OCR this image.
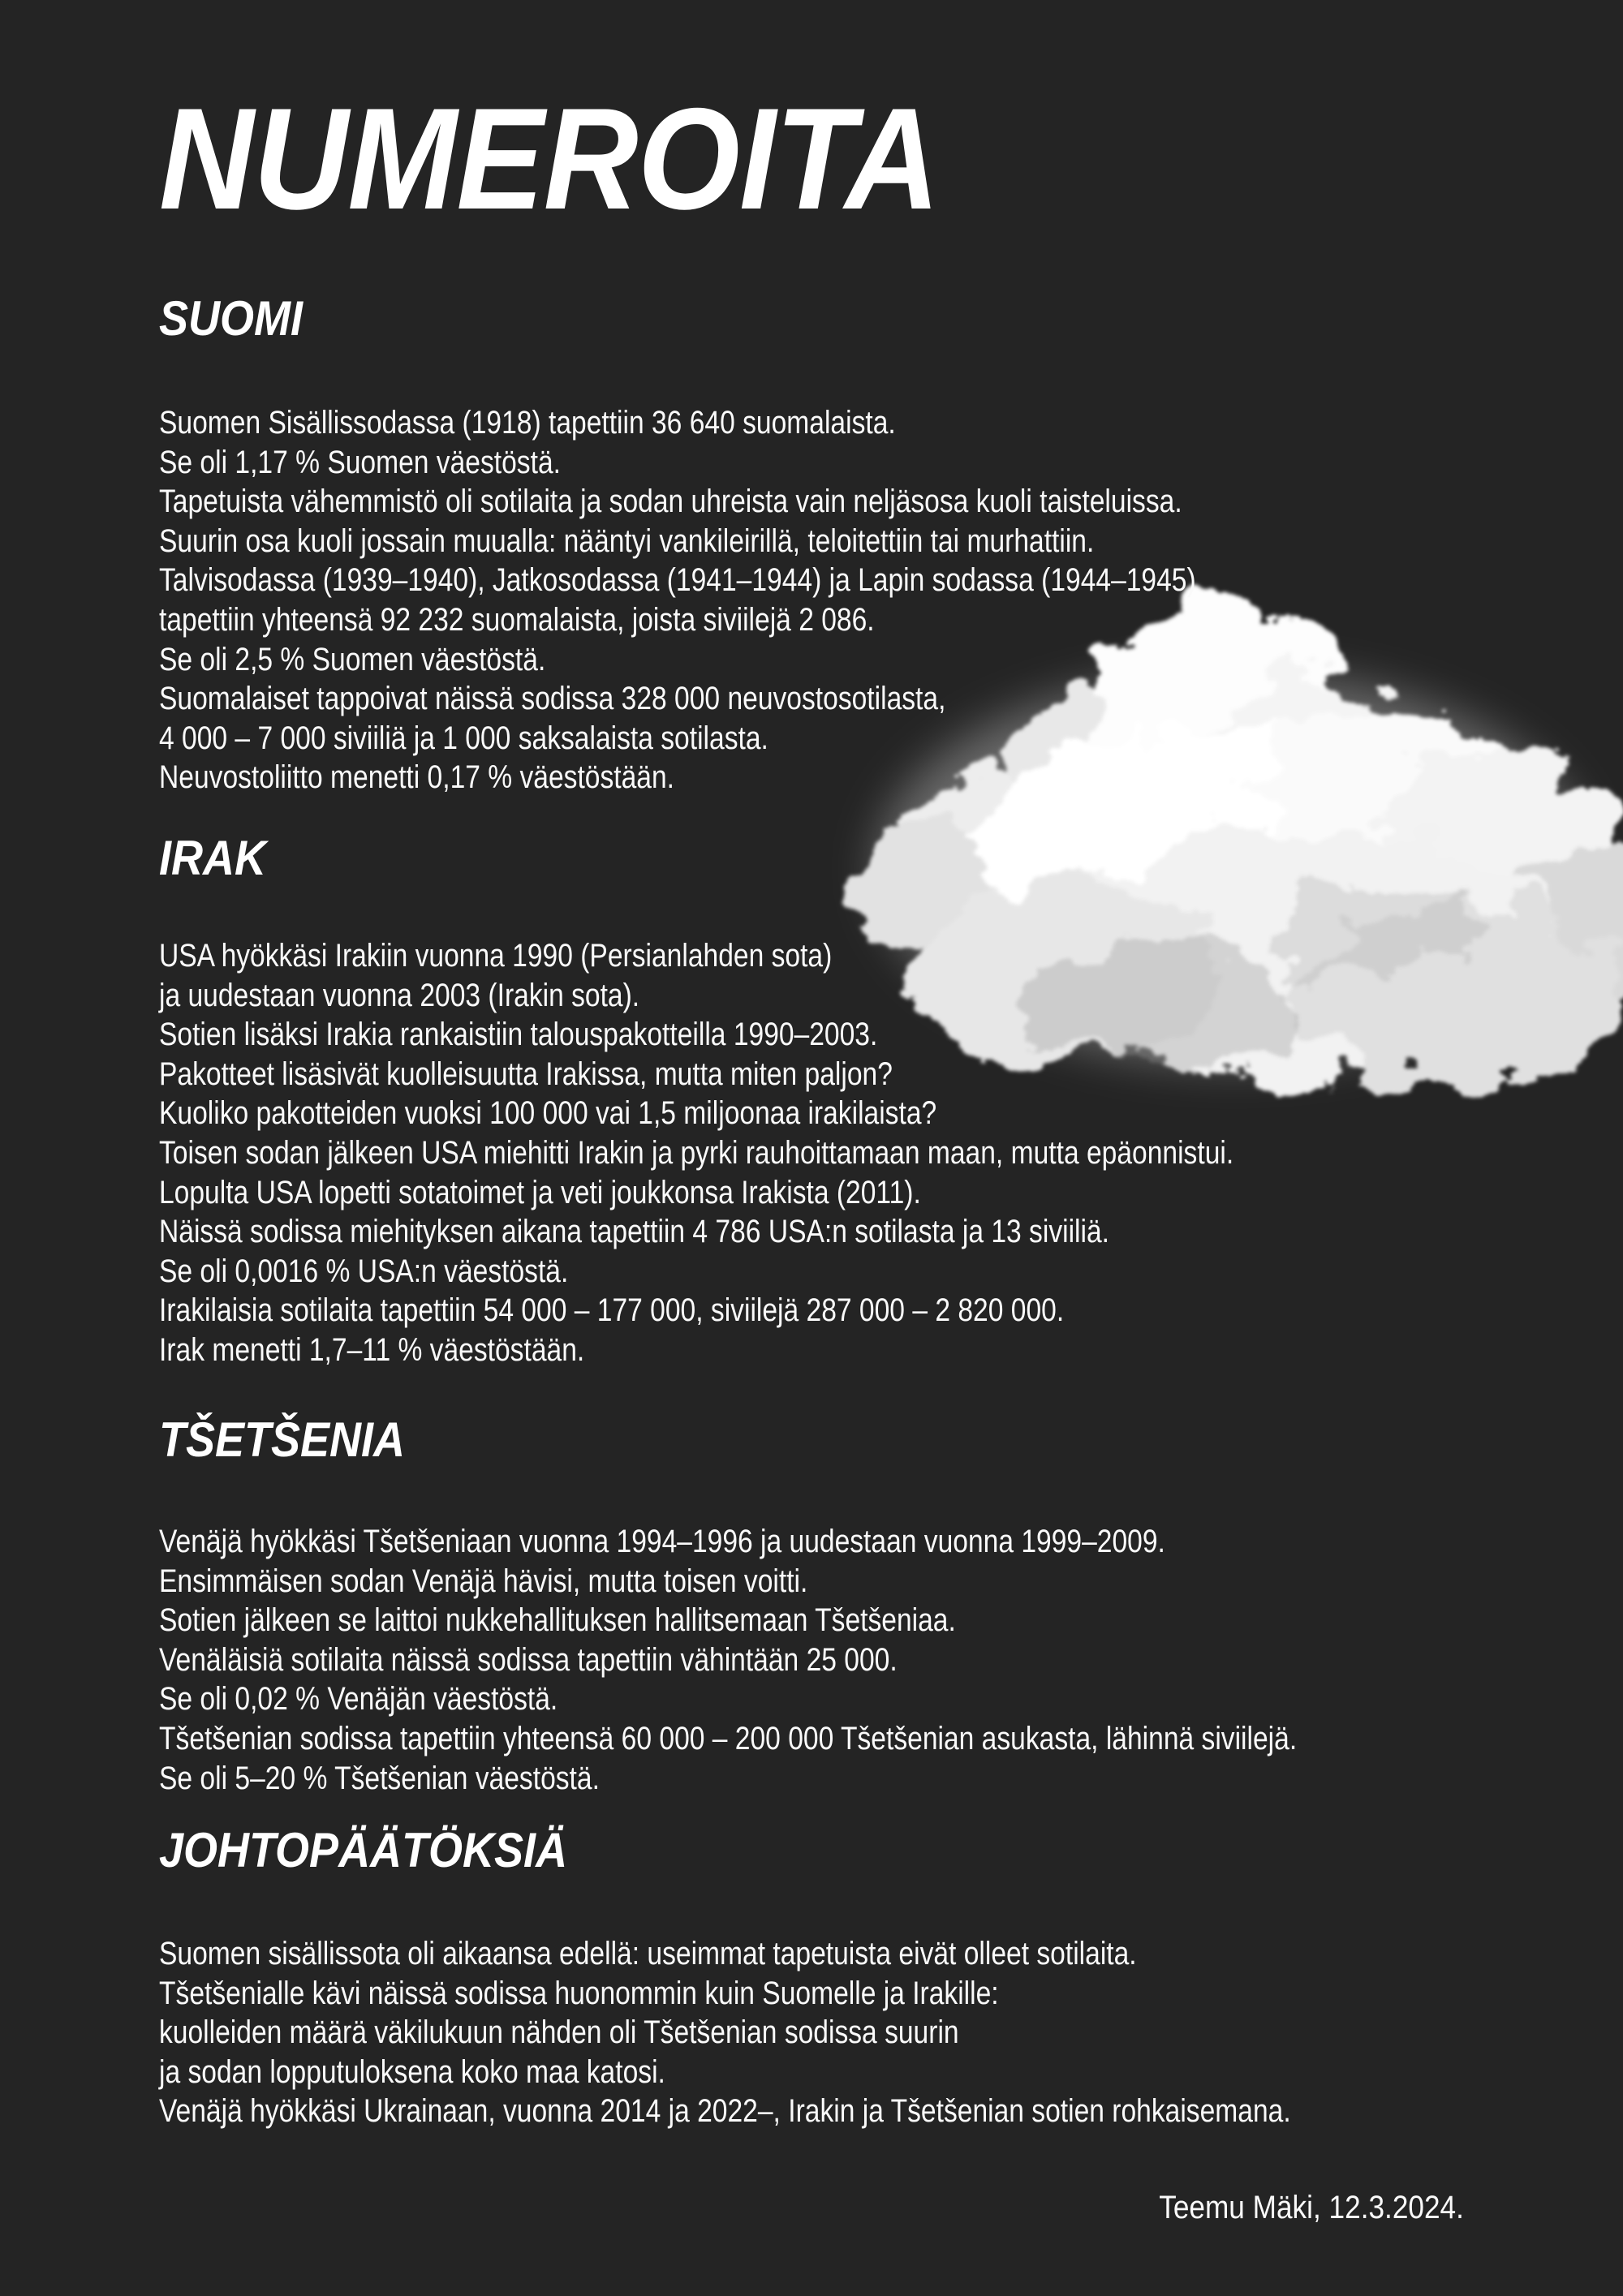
NUMEROITA
SUOMI
Suomen Sisällissodassa (1918) tapettiin 36 640 suomalaista.
Se oli 1,17 % Suomen väestöstä.
Tapetuista vähemmistö oli sotilaita ja sodan uhreista vain neljäsosa kuoli taisteluissa.
Suurin osa kuoli jossain muualla: nääntyi vankileirillä, teloitettiin tai murhattiin.
Talvisodassa (1939–1940), Jatkosodassa (1941–1944) ja Lapin sodassa (1944–1945)
tapettiin yhteensä 92 232 suomalaista, joista siviilejä 2 086.
Se oli 2,5 % Suomen väestöstä.
Suomalaiset tappoivat näissä sodissa 328 000 neuvostosotilasta,
4 000 – 7 000 siviiliä ja 1 000 saksalaista sotilasta.
Neuvostoliitto menetti 0,17 % väestöstään.
IRAK
USA hyökkäsi Irakiin vuonna 1990 (Persianlahden sota)
ja uudestaan vuonna 2003 (Irakin sota).
Sotien lisäksi Irakia rankaistiin talouspakotteilla 1990–2003.
Pakotteet lisäsivät kuolleisuutta Irakissa, mutta miten paljon?
Kuoliko pakotteiden vuoksi 100 000 vai 1,5 miljoonaa irakilaista?
Toisen sodan jälkeen USA miehitti Irakin ja pyrki rauhoittamaan maan, mutta epäonnistui.
Lopulta USA lopetti sotatoimet ja veti joukkonsa Irakista (2011).
Näissä sodissa miehityksen aikana tapettiin 4 786 USA:n sotilasta ja 13 siviiliä.
Se oli 0,0016 % USA:n väestöstä.
Irakilaisia sotilaita tapettiin 54 000 – 177 000, siviilejä 287 000 – 2 820 000.
Irak menetti 1,7–11 % väestöstään.
TŠETŠENIA
Venäjä hyökkäsi Tšetšeniaan vuonna 1994–1996 ja uudestaan vuonna 1999–2009.
Ensimmäisen sodan Venäjä hävisi, mutta toisen voitti.
Sotien jälkeen se laittoi nukkehallituksen hallitsemaan Tšetšeniaa.
Venäläisiä sotilaita näissä sodissa tapettiin vähintään 25 000.
Se oli 0,02 % Venäjän väestöstä.
Tšetšenian sodissa tapettiin yhteensä 60 000 – 200 000 Tšetšenian asukasta, lähinnä siviilejä.
Se oli 5–20 % Tšetšenian väestöstä.
JOHTOPÄÄTÖKSIÄ
Suomen sisällissota oli aikaansa edellä: useimmat tapetuista eivät olleet sotilaita.
Tšetšenialle kävi näissä sodissa huonommin kuin Suomelle ja Irakille:
kuolleiden määrä väkilukuun nähden oli Tšetšenian sodissa suurin
ja sodan lopputuloksena koko maa katosi.
Venäjä hyökkäsi Ukrainaan, vuonna 2014 ja 2022–, Irakin ja Tšetšenian sotien rohkaisemana.
Teemu Mäki, 12.3.2024.
